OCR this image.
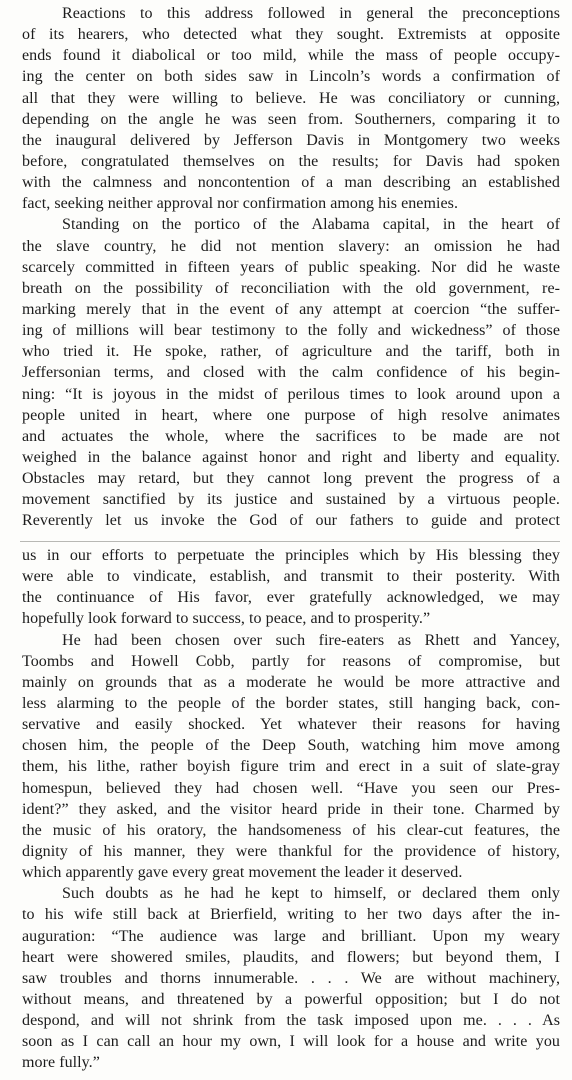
Reactions to this address followed in general the preconceptions
of its hearers, who detected what they sought. Extremists at opposite
ends found it diabolical or too mild, while the mass of people occupy-
ing the center on both sides saw in Lincoln’s words a confirmation of
all that they were willing to believe. He was conciliatory or cunning,
depending on the angle he was seen from. Southerners, comparing it to
the inaugural delivered by Jefferson Davis in Montgomery two weeks
before, congratulated themselves on the results; for Davis had spoken
with the calmness and noncontention of a man describing an established
fact, seeking neither approval nor confirmation among his enemies.
Standing on the portico of the Alabama capital, in the heart of
the slave country, he did not mention slavery: an omission he had
scarcely committed in fifteen years of public speaking. Nor did he waste
breath on the possibility of reconciliation with the old government, re-
marking merely that in the event of any attempt at coercion “the suffer-
ing of millions will bear testimony to the folly and wickedness” of those
who tried it. He spoke, rather, of agriculture and the tariff, both in
Jeffersonian terms, and closed with the calm confidence of his begin-
ning: “It is joyous in the midst of perilous times to look around upon a
people united in heart, where one purpose of high resolve animates
and actuates the whole, where the sacrifices to be made are not
weighed in the balance against honor and right and liberty and equality.
Obstacles may retard, but they cannot long prevent the progress of a
movement sanctified by its justice and sustained by a virtuous people.
Reverently let us invoke the God of our fathers to guide and protect
us in our efforts to perpetuate the principles which by His blessing they
were able to vindicate, establish, and transmit to their posterity. With
the continuance of His favor, ever gratefully acknowledged, we may
hopefully look forward to success, to peace, and to prosperity.”
He had been chosen over such fire-eaters as Rhett and Yancey,
Toombs and Howell Cobb, partly for reasons of compromise, but
mainly on grounds that as a moderate he would be more attractive and
less alarming to the people of the border states, still hanging back, con-
servative and easily shocked. Yet whatever their reasons for having
chosen him, the people of the Deep South, watching him move among
them, his lithe, rather boyish figure trim and erect in a suit of slate-gray
homespun, believed they had chosen well. “Have you seen our Pres-
ident?” they asked, and the visitor heard pride in their tone. Charmed by
the music of his oratory, the handsomeness of his clear-cut features, the
dignity of his manner, they were thankful for the providence of history,
which apparently gave every great movement the leader it deserved.
Such doubts as he had he kept to himself, or declared them only
to his wife still back at Brierfield, writing to her two days after the in-
auguration: “The audience was large and brilliant. Upon my weary
heart were showered smiles, plaudits, and flowers; but beyond them, I
saw troubles and thorns innumerable. . . . We are without machinery,
without means, and threatened by a powerful opposition; but I do not
despond, and will not shrink from the task imposed upon me. . . . As
soon as I can call an hour my own, I will look for a house and write you
more fully.”
